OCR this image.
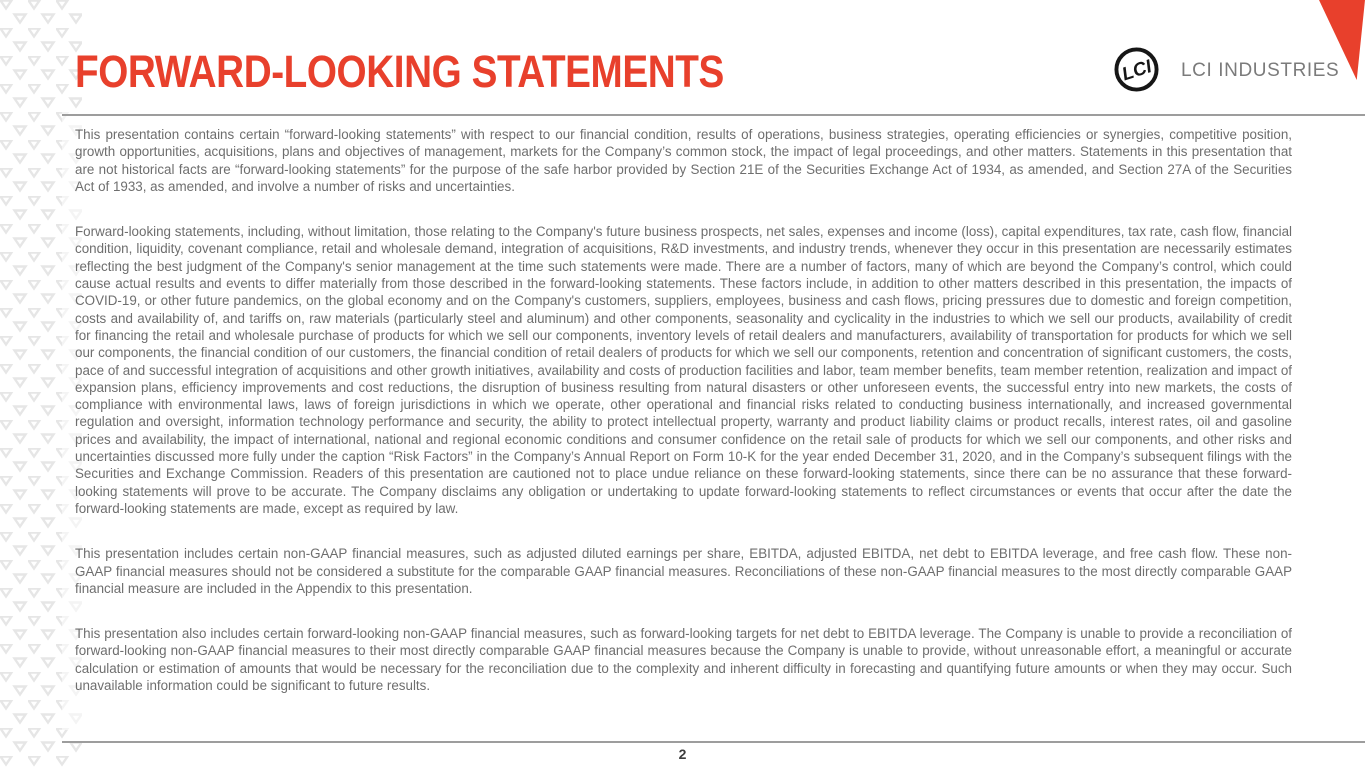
FORWARD-LOOKING STATEMENTS	LCI LCI INDUSTRIES

This presentation contains certain “forward-looking statements” with respect to our financial condition, results of operations, business strategies, operating efficiencies or synergies, competitive position, growth opportunities, acquisitions, plans and objectives of management, markets for the Company’s common stock, the impact of legal proceedings, and other matters. Statements in this presentation that are not historical facts are “forward-looking statements” for the purpose of the safe harbor provided by Section 21E of the Securities Exchange Act of 1934, as amended, and Section 27A of the Securities Act of 1933, as amended, and involve a number of risks and uncertainties.

Forward-looking statements, including, without limitation, those relating to the Company's future business prospects, net sales, expenses and income (loss), capital expenditures, tax rate, cash flow, financial condition, liquidity, covenant compliance, retail and wholesale demand, integration of acquisitions, R&D investments, and industry trends, whenever they occur in this presentation are necessarily estimates reflecting the best judgment of the Company's senior management at the time such statements were made. There are a number of factors, many of which are beyond the Company’s control, which could cause actual results and events to differ materially from those described in the forward-looking statements. These factors include, in addition to other matters described in this presentation, the impacts of COVID-19, or other future pandemics, on the global economy and on the Company's customers, suppliers, employees, business and cash flows, pricing pressures due to domestic and foreign competition, costs and availability of, and tariffs on, raw materials (particularly steel and aluminum) and other components, seasonality and cyclicality in the industries to which we sell our products, availability of credit for financing the retail and wholesale purchase of products for which we sell our components, inventory levels of retail dealers and manufacturers, availability of transportation for products for which we sell our components, the financial condition of our customers, the financial condition of retail dealers of products for which we sell our components, retention and concentration of significant customers, the costs, pace of and successful integration of acquisitions and other growth initiatives, availability and costs of production facilities and labor, team member benefits, team member retention, realization and impact of expansion plans, efficiency improvements and cost reductions, the disruption of business resulting from natural disasters or other unforeseen events, the successful entry into new markets, the costs of compliance with environmental laws, laws of foreign jurisdictions in which we operate, other operational and financial risks related to conducting business internationally, and increased governmental regulation and oversight, information technology performance and security, the ability to protect intellectual property, warranty and product liability claims or product recalls, interest rates, oil and gasoline prices and availability, the impact of international, national and regional economic conditions and consumer confidence on the retail sale of products for which we sell our components, and other risks and uncertainties discussed more fully under the caption “Risk Factors” in the Company’s Annual Report on Form 10-K for the year ended December 31, 2020, and in the Company’s subsequent filings with the Securities and Exchange Commission. Readers of this presentation are cautioned not to place undue reliance on these forward-looking statements, since there can be no assurance that these forward-looking statements will prove to be accurate. The Company disclaims any obligation or undertaking to update forward-looking statements to reflect circumstances or events that occur after the date the forward-looking statements are made, except as required by law.

This presentation includes certain non-GAAP financial measures, such as adjusted diluted earnings per share, EBITDA, adjusted EBITDA, net debt to EBITDA leverage, and free cash flow. These non-GAAP financial measures should not be considered a substitute for the comparable GAAP financial measures. Reconciliations of these non-GAAP financial measures to the most directly comparable GAAP financial measure are included in the Appendix to this presentation.

This presentation also includes certain forward-looking non-GAAP financial measures, such as forward-looking targets for net debt to EBITDA leverage. The Company is unable to provide a reconciliation of forward-looking non-GAAP financial measures to their most directly comparable GAAP financial measures because the Company is unable to provide, without unreasonable effort, a meaningful or accurate calculation or estimation of amounts that would be necessary for the reconciliation due to the complexity and inherent difficulty in forecasting and quantifying future amounts or when they may occur. Such unavailable information could be significant to future results.

2
